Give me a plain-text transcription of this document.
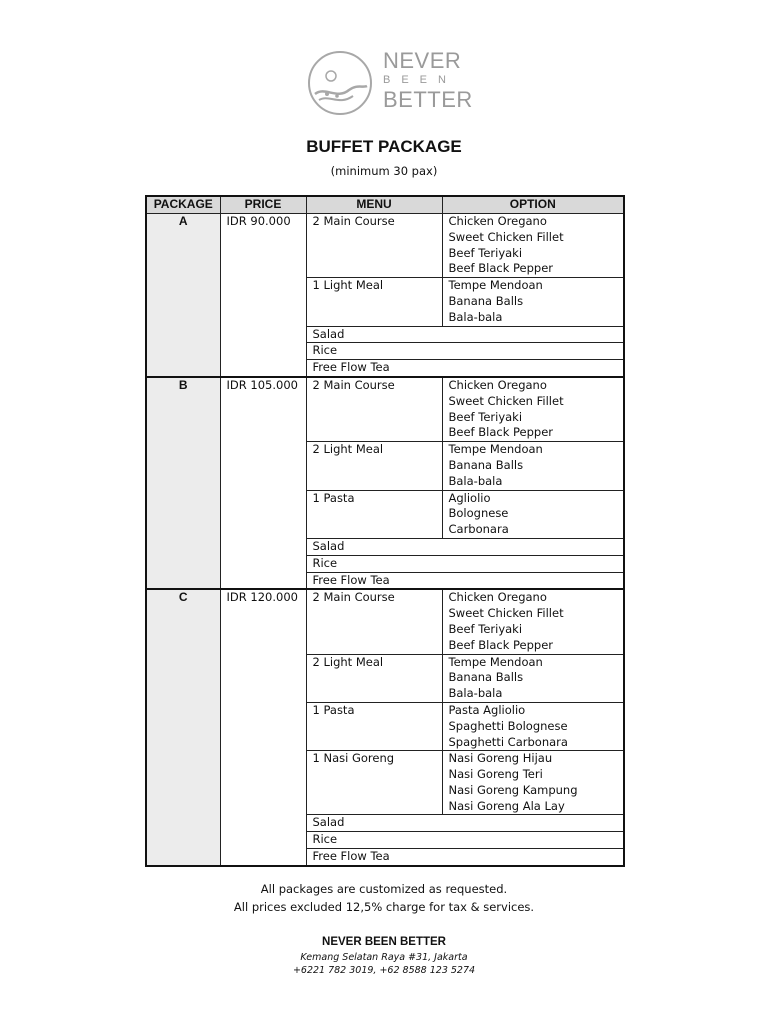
NEVER
BEEN
BETTER
BUFFET PACKAGE
(minimum 30 pax)
PACKAGE	PRICE	MENU	OPTION
A	IDR 90.000	2 Main Course	Chicken Oregano
Sweet Chicken Fillet
Beef Teriyaki
Beef Black Pepper

		1 Light Meal	Tempe Mendoan
Banana Balls
Bala-bala

		Salad	
		Rice	
		Free Flow Tea	
B	IDR 105.000	2 Main Course	Chicken Oregano
Sweet Chicken Fillet
Beef Teriyaki
Beef Black Pepper

		2 Light Meal	Tempe Mendoan
Banana Balls
Bala-bala

		1 Pasta	Agliolio
Bolognese
Carbonara

		Salad	
		Rice	
		Free Flow Tea	
C	IDR 120.000	2 Main Course	Chicken Oregano
Sweet Chicken Fillet
Beef Teriyaki
Beef Black Pepper

		2 Light Meal	Tempe Mendoan
Banana Balls
Bala-bala

		1 Pasta	Pasta Agliolio
Spaghetti Bolognese
Spaghetti Carbonara

		1 Nasi Goreng	Nasi Goreng Hijau
Nasi Goreng Teri
Nasi Goreng Kampung
Nasi Goreng Ala Lay

		Salad	
		Rice	
		Free Flow Tea	
All packages are customized as requested.
All prices excluded 12,5% charge for tax & services.
NEVER BEEN BETTER
Kemang Selatan Raya #31, Jakarta
+6221 782 3019, +62 8588 123 5274
